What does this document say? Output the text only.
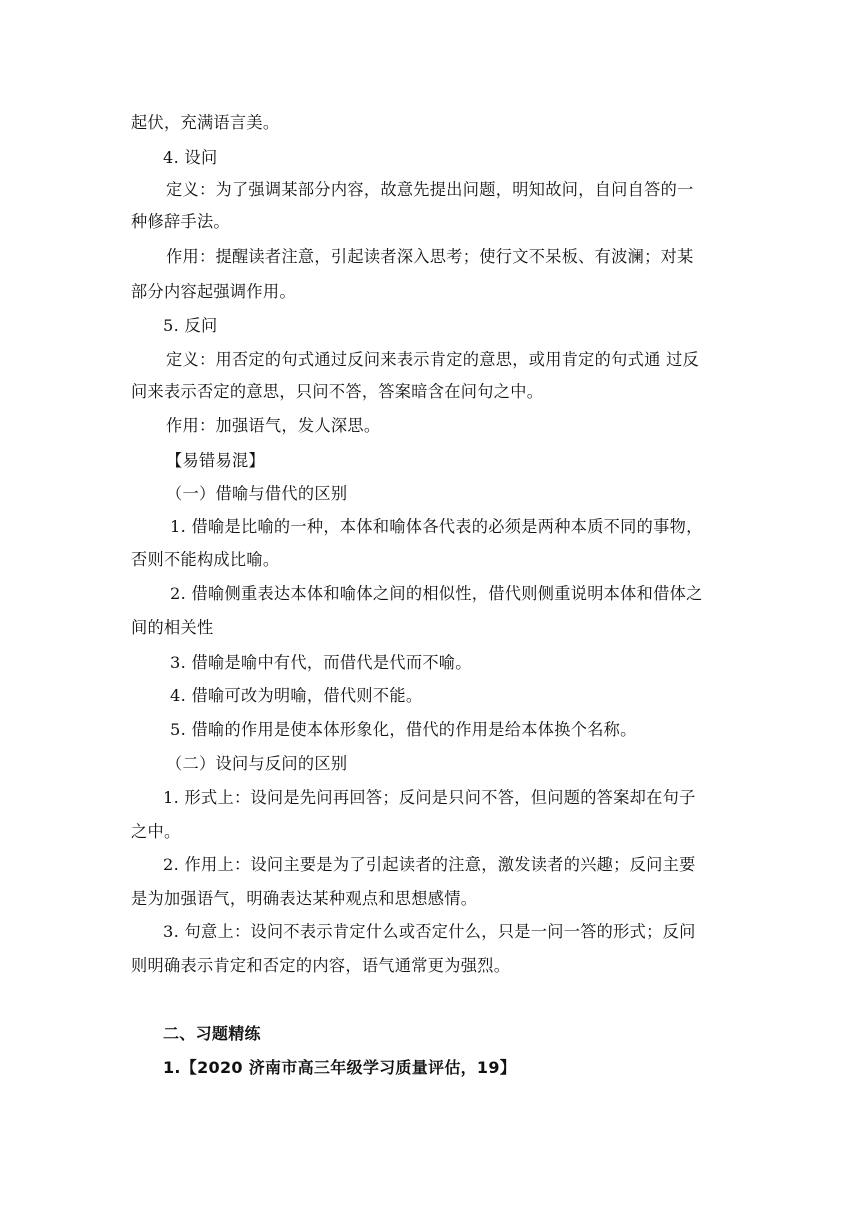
起伏，充满语言美。
4. 设问
定义：为了强调某部分内容，故意先提出问题，明知故问，自问自答的一
种修辞手法。
作用：提醒读者注意，引起读者深入思考；使行文不呆板、有波澜；对某
部分内容起强调作用。
5. 反问
定义：用否定的句式通过反问来表示肯定的意思，或用肯定的句式通 过反
问来表示否定的意思，只问不答，答案暗含在问句之中。
作用：加强语气，发人深思。
【易错易混】
（一）借喻与借代的区别
1. 借喻是比喻的一种，本体和喻体各代表的必须是两种本质不同的事物，
否则不能构成比喻。
2. 借喻侧重表达本体和喻体之间的相似性，借代则侧重说明本体和借体之
间的相关性
3. 借喻是喻中有代，而借代是代而不喻。
4. 借喻可改为明喻，借代则不能。
5. 借喻的作用是使本体形象化，借代的作用是给本体换个名称。
（二）设问与反问的区别
1. 形式上：设问是先问再回答；反问是只问不答，但问题的答案却在句子
之中。
2. 作用上：设问主要是为了引起读者的注意，激发读者的兴趣；反问主要
是为加强语气，明确表达某种观点和思想感情。
3. 句意上：设问不表示肯定什么或否定什么，只是一问一答的形式；反问
则明确表示肯定和否定的内容，语气通常更为强烈。
二、习题精练
1.【2020 济南市高三年级学习质量评估，19】
